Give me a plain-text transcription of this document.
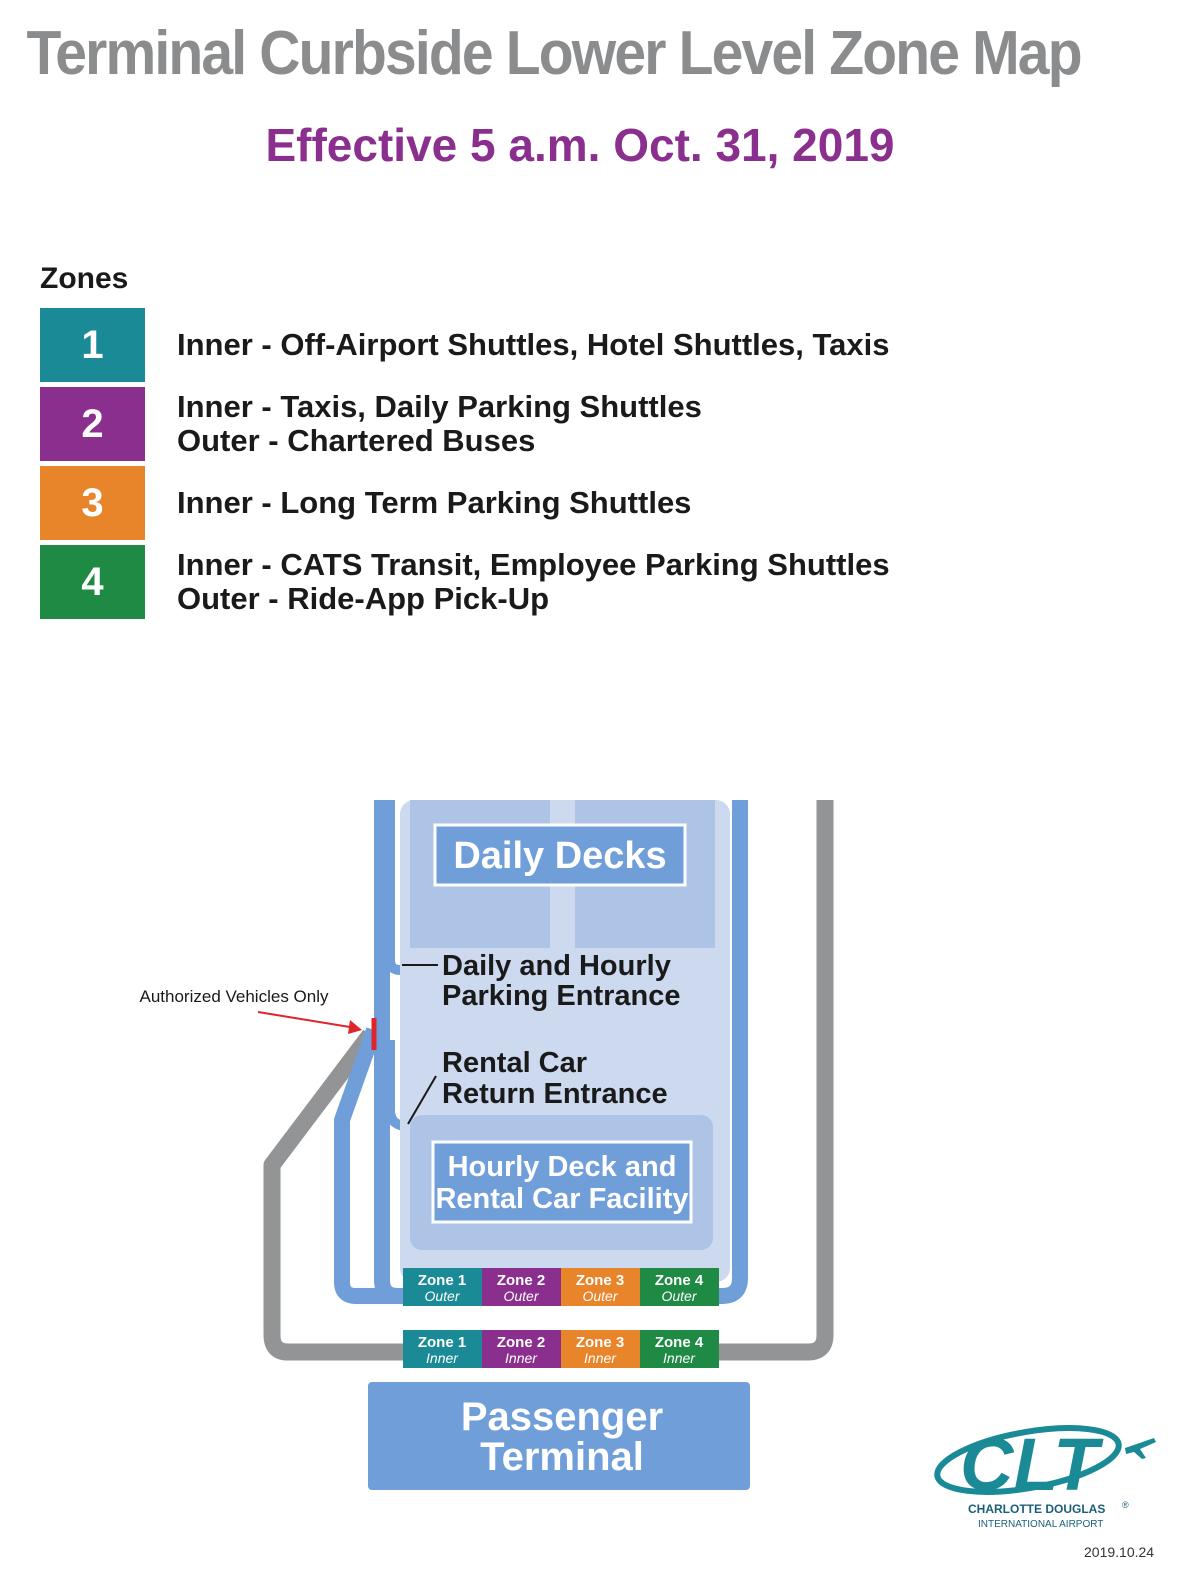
Terminal Curbside Lower Level Zone Map
Effective 5 a.m. Oct. 31, 2019
Zones
1	Inner - Off-Airport Shuttles, Hotel Shuttles, Taxis
2	Inner - Taxis, Daily Parking Shuttles
Outer - Chartered Buses
3	Inner - Long Term Parking Shuttles
4	Inner - CATS Transit, Employee Parking Shuttles
Outer - Ride-App Pick-Up
Daily Decks
Hourly Deck and
Rental Car Facility
Daily and Hourly
Parking Entrance
Rental Car
Return Entrance
Authorized Vehicles Only
Zone 1
Outer
Zone 2
Outer
Zone 3
Outer
Zone 4
Outer
Zone 1
Inner
Zone 2
Inner
Zone 3
Inner
Zone 4
Inner
Passenger
Terminal	CLT
CHARLOTTE DOUGLAS ®
INTERNATIONAL AIRPORT
2019.10.24
